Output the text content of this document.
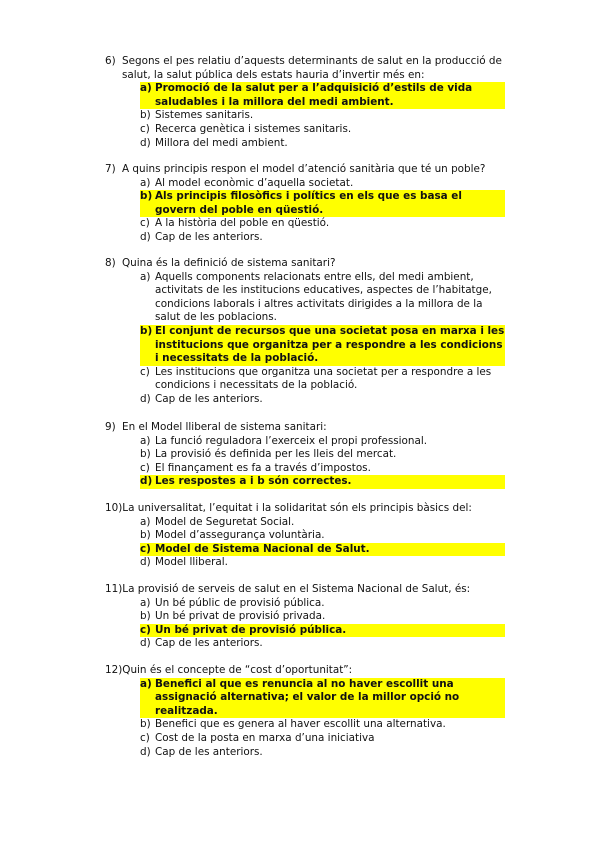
6) Segons el pes relatiu d’aquests determinants de salut en la producció de salut, la salut pública dels estats hauria d’invertir més en:
a) Promoció de la salut per a l’adquisició d’estils de vida saludables i la millora del medi ambient.
b) Sistemes sanitaris.
c) Recerca genètica i sistemes sanitaris.
d) Millora del medi ambient.
7) A quins principis respon el model d’atenció sanitària que té un poble?
a) Al model econòmic d’aquella societat.
b) Als principis filosòfics i polítics en els que es basa el govern del poble en qüestió.
c) A la història del poble en qüestió.
d) Cap de les anteriors.
8) Quina és la definició de sistema sanitari?
a) Aquells components relacionats entre ells, del medi ambient, activitats de les institucions educatives, aspectes de l’habitatge, condicions laborals i altres activitats dirigides a la millora de la salut de les poblacions.
b) El conjunt de recursos que una societat posa en marxa i les institucions que organitza per a respondre a les condicions i necessitats de la població.
c) Les institucions que organitza una societat per a respondre a les condicions i necessitats de la població.
d) Cap de les anteriors.
9) En el Model lliberal de sistema sanitari:
a) La funció reguladora l’exerceix el propi professional.
b) La provisió és definida per les lleis del mercat.
c) El finançament es fa a través d’impostos.
d) Les respostes a i b són correctes.
10) La universalitat, l’equitat i la solidaritat són els principis bàsics del:
a) Model de Seguretat Social.
b) Model d’assegurança voluntària.
c) Model de Sistema Nacional de Salut.
d) Model lliberal.
11) La provisió de serveis de salut en el Sistema Nacional de Salut, és:
a) Un bé públic de provisió pública.
b) Un bé privat de provisió privada.
c) Un bé privat de provisió pública.
d) Cap de les anteriors.
12) Quin és el concepte de “cost d’oportunitat”:
a) Benefici al que es renuncia al no haver escollit una assignació alternativa; el valor de la millor opció no realitzada.
b) Benefici que es genera al haver escollit una alternativa.
c) Cost de la posta en marxa d’una iniciativa
d) Cap de les anteriors.
